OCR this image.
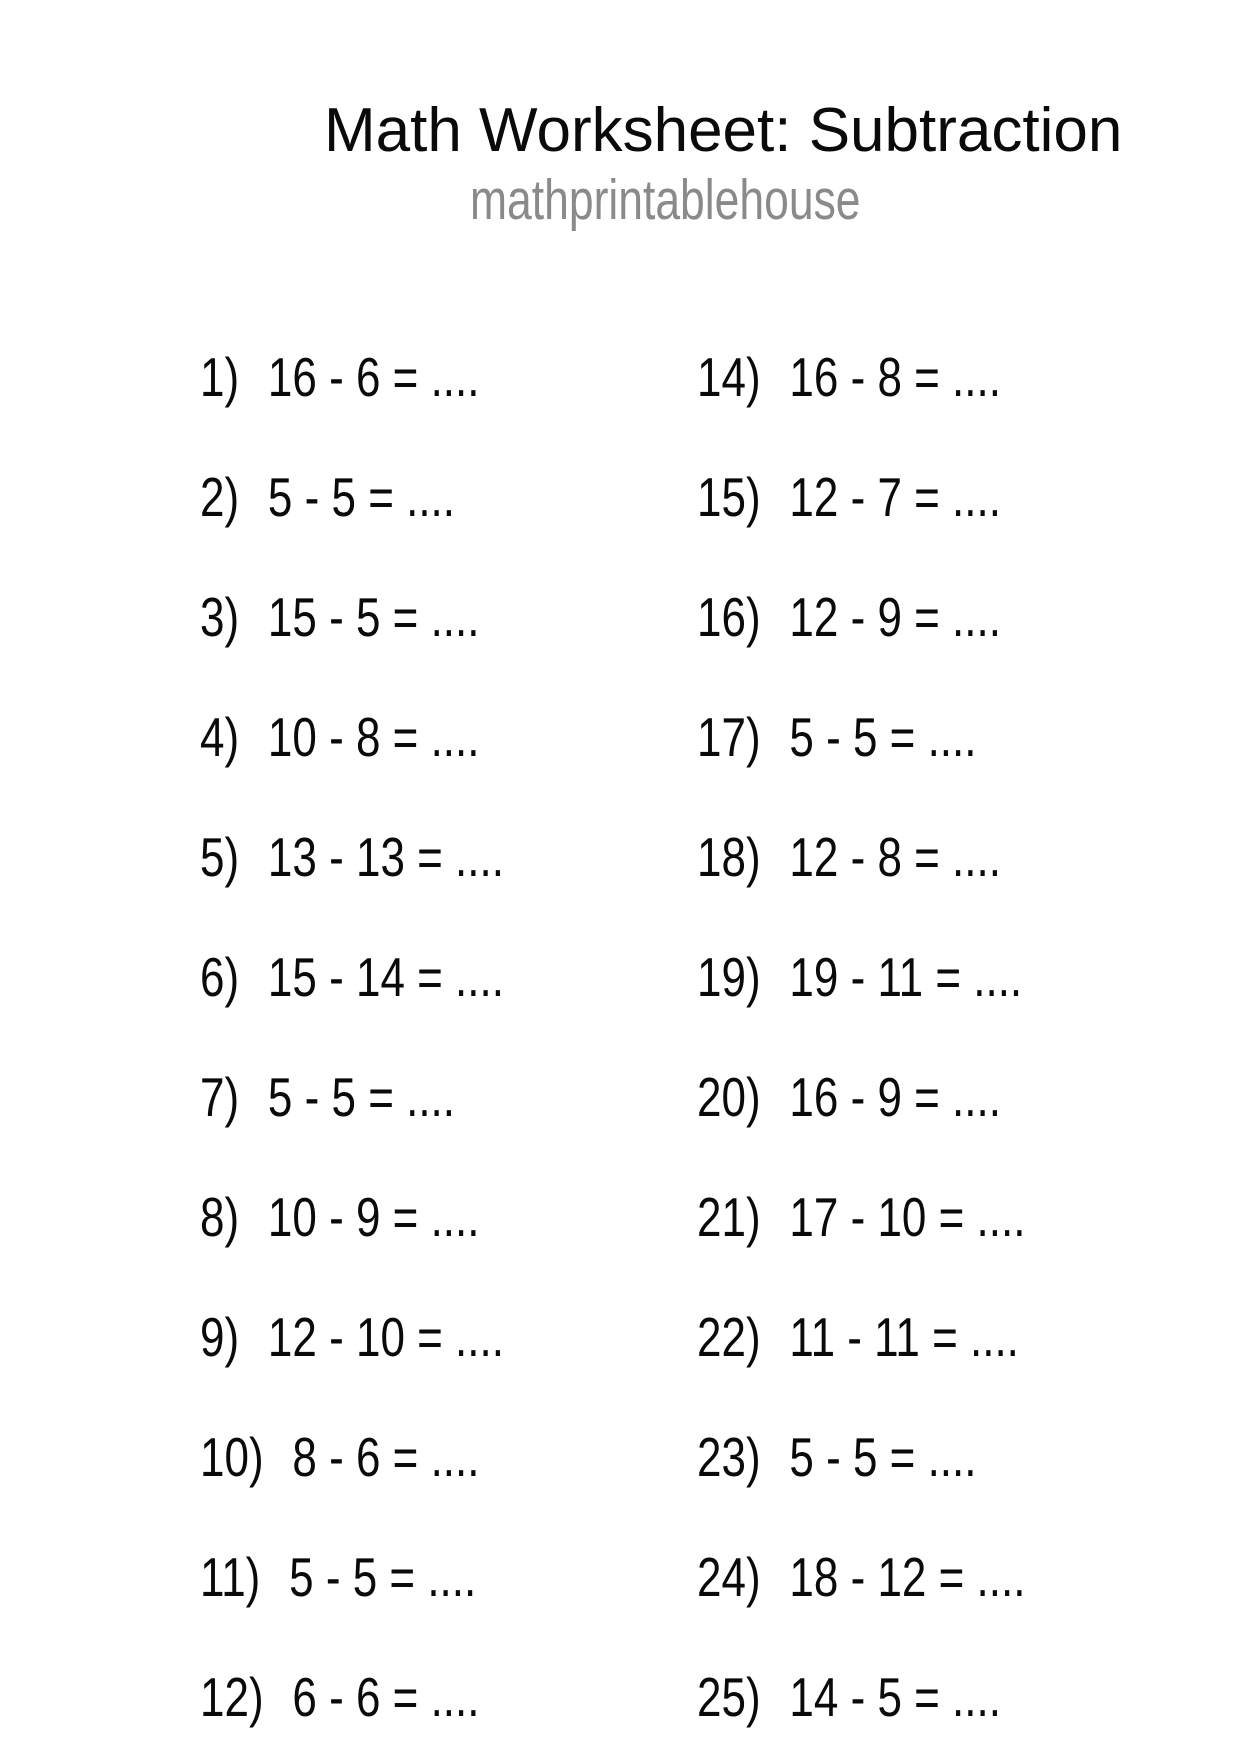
Math Worksheet: Subtraction
mathprintablehouse
1) 16 - 6 = ....
2) 5 - 5 = ....
3) 15 - 5 = ....
4) 10 - 8 = ....
5) 13 - 13 = ....
6) 15 - 14 = ....
7) 5 - 5 = ....
8) 10 - 9 = ....
9) 12 - 10 = ....
10) 8 - 6 = ....
11) 5 - 5 = ....
12) 6 - 6 = ....
14) 16 - 8 = ....
15) 12 - 7 = ....
16) 12 - 9 = ....
17) 5 - 5 = ....
18) 12 - 8 = ....
19) 19 - 11 = ....
20) 16 - 9 = ....
21) 17 - 10 = ....
22) 11 - 11 = ....
23) 5 - 5 = ....
24) 18 - 12 = ....
25) 14 - 5 = ....
